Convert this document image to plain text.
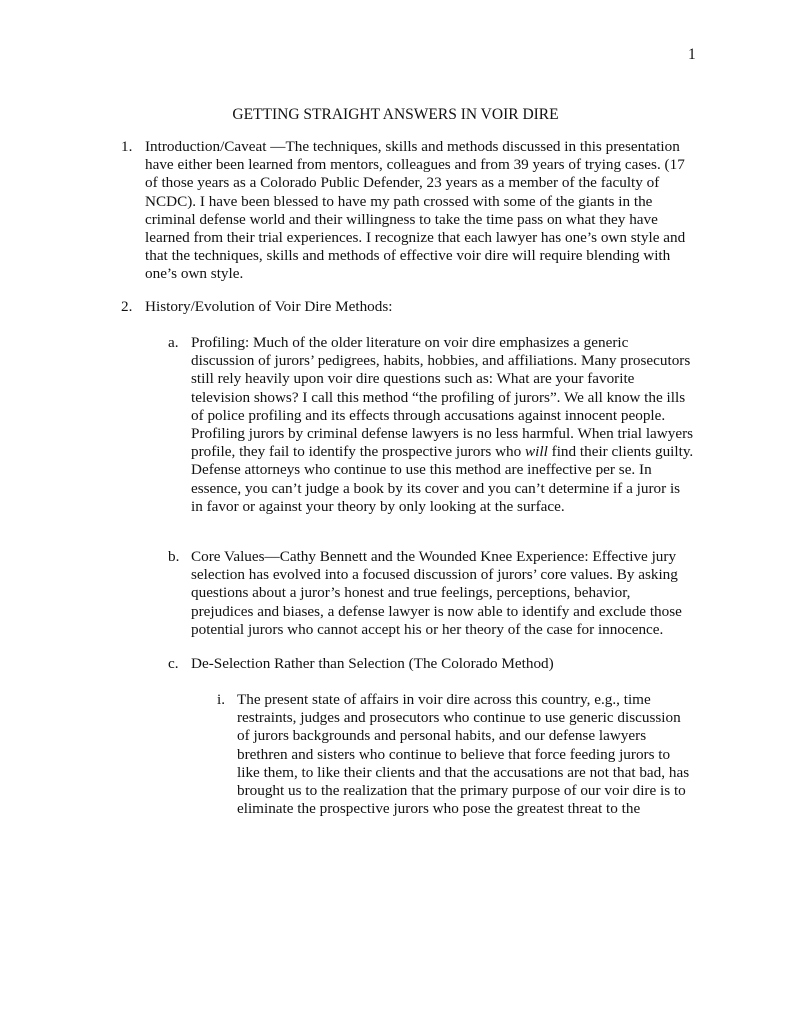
1
GETTING STRAIGHT ANSWERS IN VOIR DIRE
1. Introduction/Caveat —The techniques, skills and methods discussed in this presentation have either been learned from mentors, colleagues and from 39 years of trying cases. (17 of those years as a Colorado Public Defender, 23 years as a member of the faculty of NCDC). I have been blessed to have my path crossed with some of the giants in the criminal defense world and their willingness to take the time pass on what they have learned from their trial experiences. I recognize that each lawyer has one’s own style and that the techniques, skills and methods of effective voir dire will require blending with one’s own style.

2. History/Evolution of Voir Dire Methods:
a. Profiling: Much of the older literature on voir dire emphasizes a generic discussion of jurors’ pedigrees, habits, hobbies, and affiliations. Many prosecutors still rely heavily upon voir dire questions such as: What are your favorite television shows? I call this method “the profiling of jurors”. We all know the ills of police profiling and its effects through accusations against innocent people. Profiling jurors by criminal defense lawyers is no less harmful. When trial lawyers profile, they fail to identify the prospective jurors who will find their clients guilty. Defense attorneys who continue to use this method are ineffective per se. In essence, you can’t judge a book by its cover and you can’t determine if a juror is in favor or against your theory by only looking at the surface.

b. Core Values—Cathy Bennett and the Wounded Knee Experience: Effective jury selection has evolved into a focused discussion of jurors’ core values. By asking questions about a juror’s honest and true feelings, perceptions, behavior, prejudices and biases, a defense lawyer is now able to identify and exclude those potential jurors who cannot accept his or her theory of the case for innocence.

c. De-Selection Rather than Selection (The Colorado Method)
i. The present state of affairs in voir dire across this country, e.g., time restraints, judges and prosecutors who continue to use generic discussion of jurors backgrounds and personal habits, and our defense lawyers brethren and sisters who continue to believe that force feeding jurors to like them, to like their clients and that the accusations are not that bad, has brought us to the realization that the primary purpose of our voir dire is to eliminate the prospective jurors who pose the greatest threat to the
